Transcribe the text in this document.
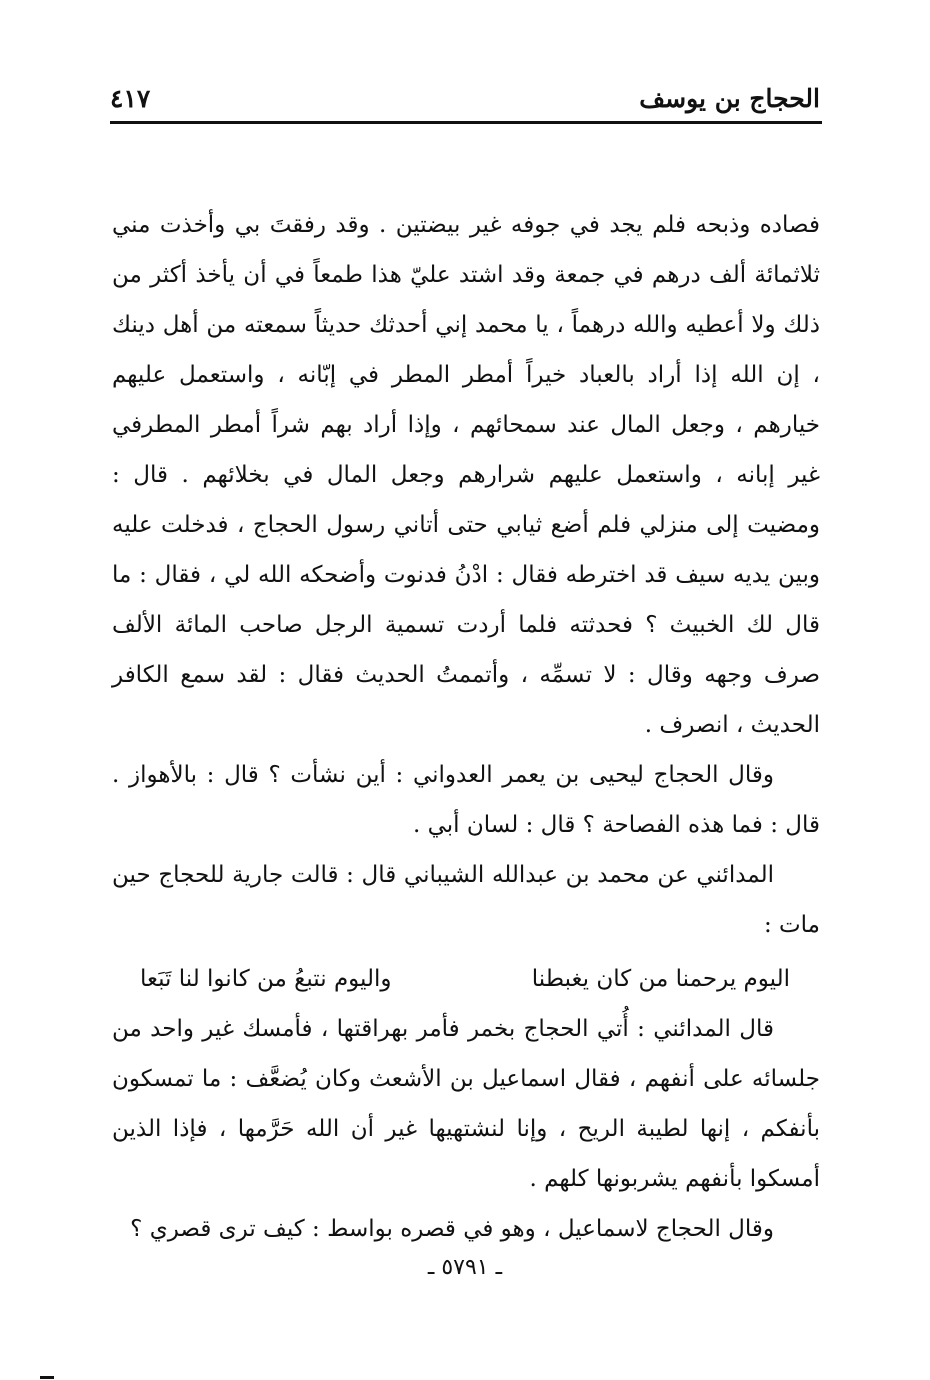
الحجاج بن يوسف
٤١٧

فصاده وذبحه فلم يجد في جوفه غير بيضتين . وقد رفقتَ بي وأخذت مني ثلاثمائة ألف درهم في جمعة وقد اشتد عليّ هذا طمعاً في أن يأخذ أكثر من ذلك ولا أعطيه والله درهماً ، يا محمد إني أحدثك حديثاً سمعته من أهل دينك ، إن الله إذا أراد بالعباد خيراً أمطر المطر في إبّانه ، واستعمل عليهم خيارهم ، وجعل المال عند سمحائهم ، وإذا أراد بهم شراً أمطر المطرفي غير إبانه ، واستعمل عليهم شرارهم وجعل المال في بخلائهم . قال : ومضيت إلى منزلي فلم أضع ثيابي حتى أتاني رسول الحجاج ، فدخلت عليه وبين يديه سيف قد اخترطه فقال : ادْنُ فدنوت وأضحكه الله لي ، فقال : ما قال لك الخبيث ؟ فحدثته فلما أردت تسمية الرجل صاحب المائة الألف صرف وجهه وقال : لا تسمِّه ، وأتممتُ الحديث فقال : لقد سمع الكافر الحديث ، انصرف .

وقال الحجاج ليحيى بن يعمر العدواني : أين نشأت ؟ قال : بالأهواز . قال : فما هذه الفصاحة ؟ قال : لسان أبي .

المدائني عن محمد بن عبدالله الشيباني قال : قالت جارية للحجاج حين مات :

اليوم يرحمنا من كان يغبطنا
واليوم نتبعُ من كانوا لنا تَبَعا

قال المدائني : أُتي الحجاج بخمر فأمر بهراقتها ، فأمسك غير واحد من جلسائه على أنفهم ، فقال اسماعيل بن الأشعث وكان يُضعَّف : ما تمسكون بأنفكم ، إنها لطيبة الريح ، وإنا لنشتهيها غير أن الله حَرَّمها ، فإذا الذين أمسكوا بأنفهم يشربونها كلهم .

وقال الحجاج لاسماعيل ، وهو في قصره بواسط : كيف ترى قصري ؟

ـ ٥٧٩١ ـ
